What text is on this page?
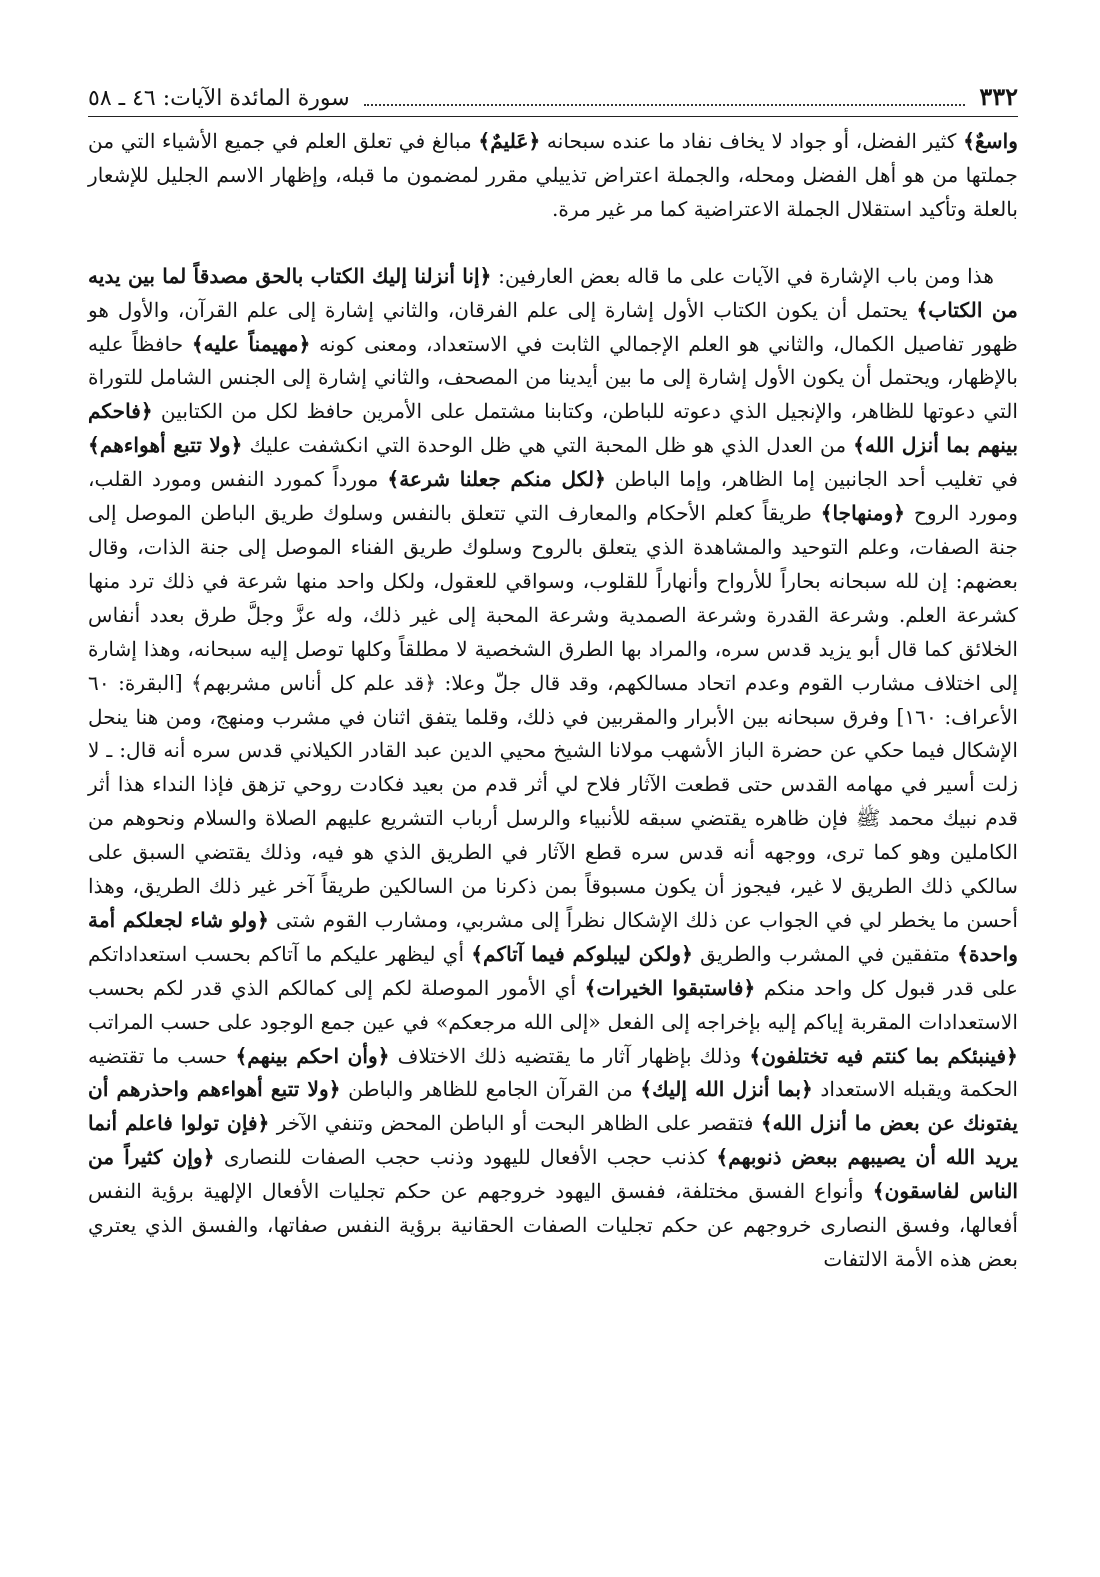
٣٣٢
سورة المائدة الآيات: ٤٦ ـ ٥٨

واسعٌ﴾ كثير الفضل، أو جواد لا يخاف نفاد ما عنده سبحانه ﴿عَليمٌ﴾ مبالغ في تعلق العلم في جميع الأشياء التي من جملتها من هو أهل الفضل ومحله، والجملة اعتراض تذييلي مقرر لمضمون ما قبله، وإظهار الاسم الجليل للإشعار بالعلة وتأكيد استقلال الجملة الاعتراضية كما مر غير مرة.

هذا ومن باب الإشارة في الآيات على ما قاله بعض العارفين: ﴿إنا أنزلنا إليك الكتاب بالحق مصدقاً لما بين يديه من الكتاب﴾ يحتمل أن يكون الكتاب الأول إشارة إلى علم الفرقان، والثاني إشارة إلى علم القرآن، والأول هو ظهور تفاصيل الكمال، والثاني هو العلم الإجمالي الثابت في الاستعداد، ومعنى كونه ﴿مهيمناً عليه﴾ حافظاً عليه بالإظهار، ويحتمل أن يكون الأول إشارة إلى ما بين أيدينا من المصحف، والثاني إشارة إلى الجنس الشامل للتوراة التي دعوتها للظاهر، والإنجيل الذي دعوته للباطن، وكتابنا مشتمل على الأمرين حافظ لكل من الكتابين ﴿فاحكم بينهم بما أنزل الله﴾ من العدل الذي هو ظل المحبة التي هي ظل الوحدة التي انكشفت عليك ﴿ولا تتبع أهواءهم﴾ في تغليب أحد الجانبين إما الظاهر، وإما الباطن ﴿لكل منكم جعلنا شرعة﴾ مورداً كمورد النفس ومورد القلب، ومورد الروح ﴿ومنهاجا﴾ طريقاً كعلم الأحكام والمعارف التي تتعلق بالنفس وسلوك طريق الباطن الموصل إلى جنة الصفات، وعلم التوحيد والمشاهدة الذي يتعلق بالروح وسلوك طريق الفناء الموصل إلى جنة الذات، وقال بعضهم: إن لله سبحانه بحاراً للأرواح وأنهاراً للقلوب، وسواقي للعقول، ولكل واحد منها شرعة في ذلك ترد منها كشرعة العلم. وشرعة القدرة وشرعة الصمدية وشرعة المحبة إلى غير ذلك، وله عزَّ وجلَّ طرق بعدد أنفاس الخلائق كما قال أبو يزيد قدس سره، والمراد بها الطرق الشخصية لا مطلقاً وكلها توصل إليه سبحانه، وهذا إشارة إلى اختلاف مشارب القوم وعدم اتحاد مسالكهم، وقد قال جلّ وعلا: ﴿قد علم كل أناس مشربهم﴾ [البقرة: ٦٠ الأعراف: ١٦٠] وفرق سبحانه بين الأبرار والمقربين في ذلك، وقلما يتفق اثنان في مشرب ومنهج، ومن هنا ينحل الإشكال فيما حكي عن حضرة الباز الأشهب مولانا الشيخ محيي الدين عبد القادر الكيلاني قدس سره أنه قال: ـ لا زلت أسير في مهامه القدس حتى قطعت الآثار فلاح لي أثر قدم من بعيد فكادت روحي تزهق فإذا النداء هذا أثر قدم نبيك محمد ﷺ فإن ظاهره يقتضي سبقه للأنبياء والرسل أرباب التشريع عليهم الصلاة والسلام ونحوهم من الكاملين وهو كما ترى، ووجهه أنه قدس سره قطع الآثار في الطريق الذي هو فيه، وذلك يقتضي السبق على سالكي ذلك الطريق لا غير، فيجوز أن يكون مسبوقاً بمن ذكرنا من السالكين طريقاً آخر غير ذلك الطريق، وهذا أحسن ما يخطر لي في الجواب عن ذلك الإشكال نظراً إلى مشربي، ومشارب القوم شتى ﴿ولو شاء لجعلكم أمة واحدة﴾ متفقين في المشرب والطريق ﴿ولكن ليبلوكم فيما آتاكم﴾ أي ليظهر عليكم ما آتاكم بحسب استعداداتكم على قدر قبول كل واحد منكم ﴿فاستبقوا الخيرات﴾ أي الأمور الموصلة لكم إلى كمالكم الذي قدر لكم بحسب الاستعدادات المقربة إياكم إليه بإخراجه إلى الفعل «إلى الله مرجعكم» في عين جمع الوجود على حسب المراتب ﴿فينبئكم بما كنتم فيه تختلفون﴾ وذلك بإظهار آثار ما يقتضيه ذلك الاختلاف ﴿وأن احكم بينهم﴾ حسب ما تقتضيه الحكمة ويقبله الاستعداد ﴿بما أنزل الله إليك﴾ من القرآن الجامع للظاهر والباطن ﴿ولا تتبع أهواءهم واحذرهم أن يفتونك عن بعض ما أنزل الله﴾ فتقصر على الظاهر البحت أو الباطن المحض وتنفي الآخر ﴿فإن تولوا فاعلم أنما يريد الله أن يصيبهم ببعض ذنوبهم﴾ كذنب حجب الأفعال لليهود وذنب حجب الصفات للنصارى ﴿وإن كثيراً من الناس لفاسقون﴾ وأنواع الفسق مختلفة، ففسق اليهود خروجهم عن حكم تجليات الأفعال الإلهية برؤية النفس أفعالها، وفسق النصارى خروجهم عن حكم تجليات الصفات الحقانية برؤية النفس صفاتها، والفسق الذي يعتري بعض هذه الأمة الالتفات
